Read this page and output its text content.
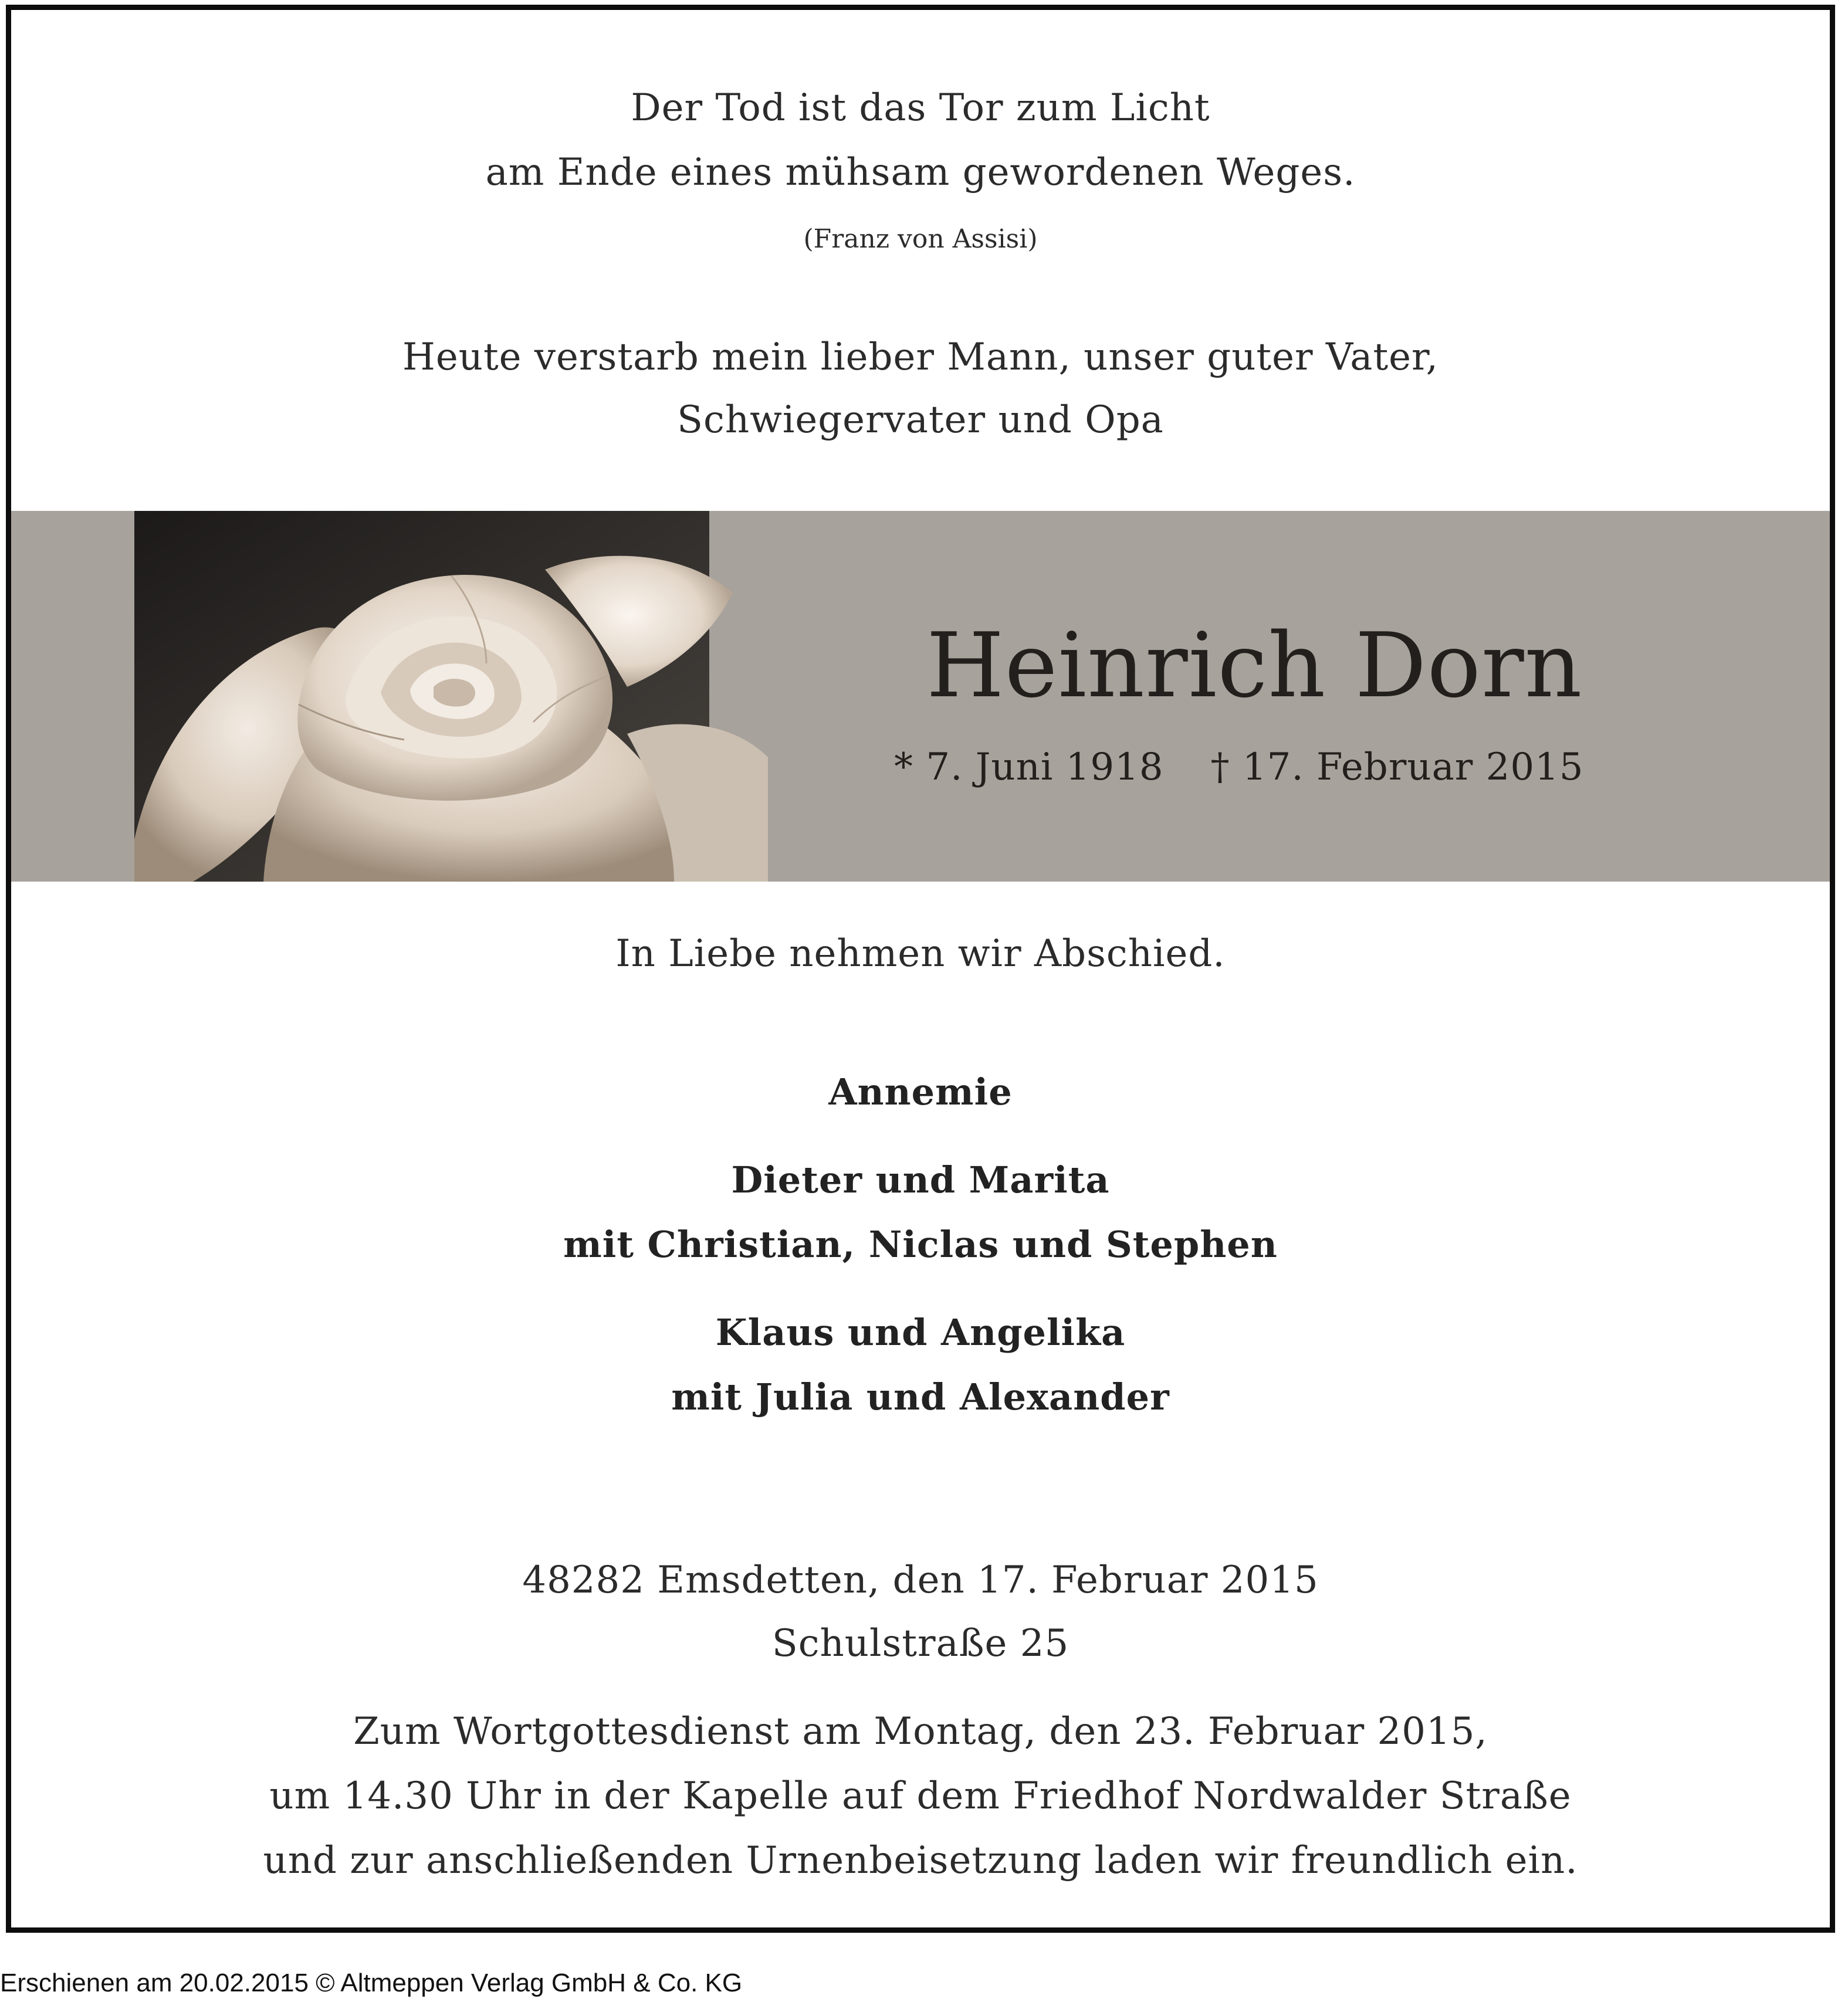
Der Tod ist das Tor zum Licht
am Ende eines mühsam gewordenen Weges.
(Franz von Assisi)
Heute verstarb mein lieber Mann, unser guter Vater,
Schwiegervater und Opa
Heinrich Dorn
* 7. Juni 1918 † 17. Februar 2015
In Liebe nehmen wir Abschied.
Annemie
Dieter und Marita
mit Christian, Niclas und Stephen
Klaus und Angelika
mit Julia und Alexander
48282 Emsdetten, den 17. Februar 2015
Schulstraße 25
Zum Wortgottesdienst am Montag, den 23. Februar 2015,
um 14.30 Uhr in der Kapelle auf dem Friedhof Nordwalder Straße
und zur anschließenden Urnenbeisetzung laden wir freundlich ein.
Erschienen am 20.02.2015 © Altmeppen Verlag GmbH & Co. KG
